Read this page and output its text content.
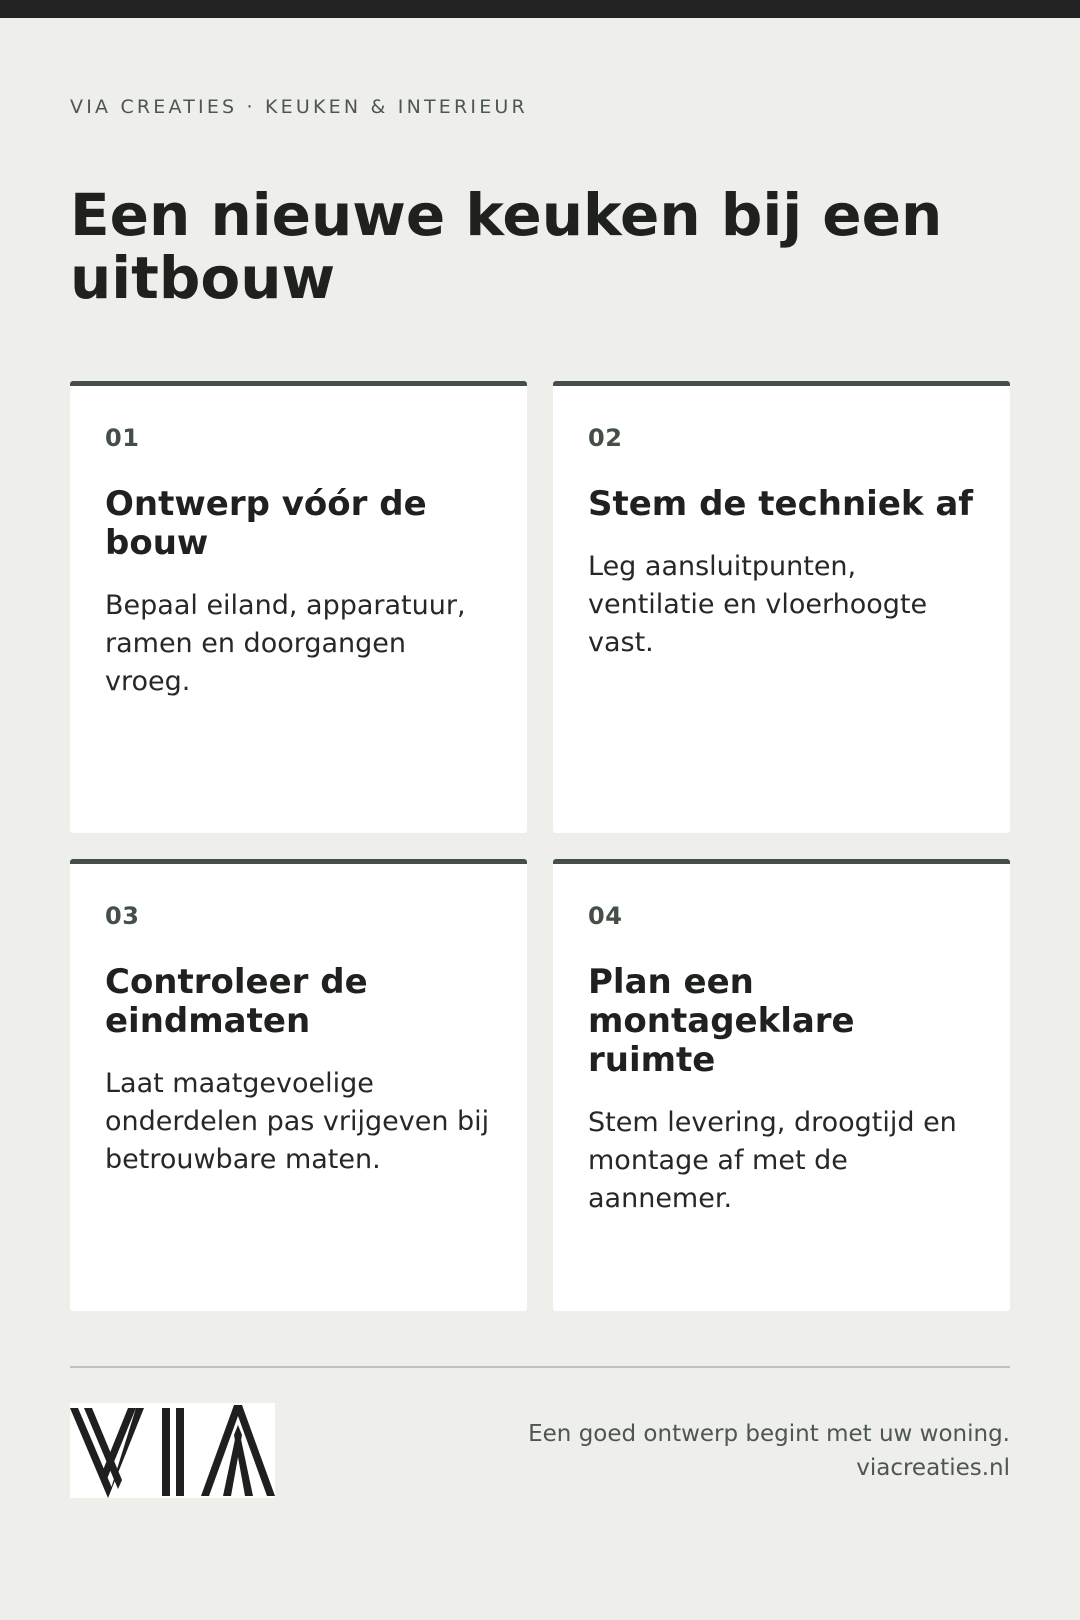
VIA CREATIES · KEUKEN & INTERIEUR
Een nieuwe keuken bij een uitbouw
01
Ontwerp vóór de bouw
Bepaal eiland, apparatuur, ramen en doorgangen vroeg.
02
Stem de techniek af
Leg aansluitpunten, ventilatie en vloerhoogte vast.
03
Controleer de eindmaten
Laat maatgevoelige onderdelen pas vrijgeven bij betrouwbare maten.
04
Plan een montageklare ruimte
Stem levering, droogtijd en montage af met de aannemer.
Een goed ontwerp begint met uw woning.
viacreaties.nl
